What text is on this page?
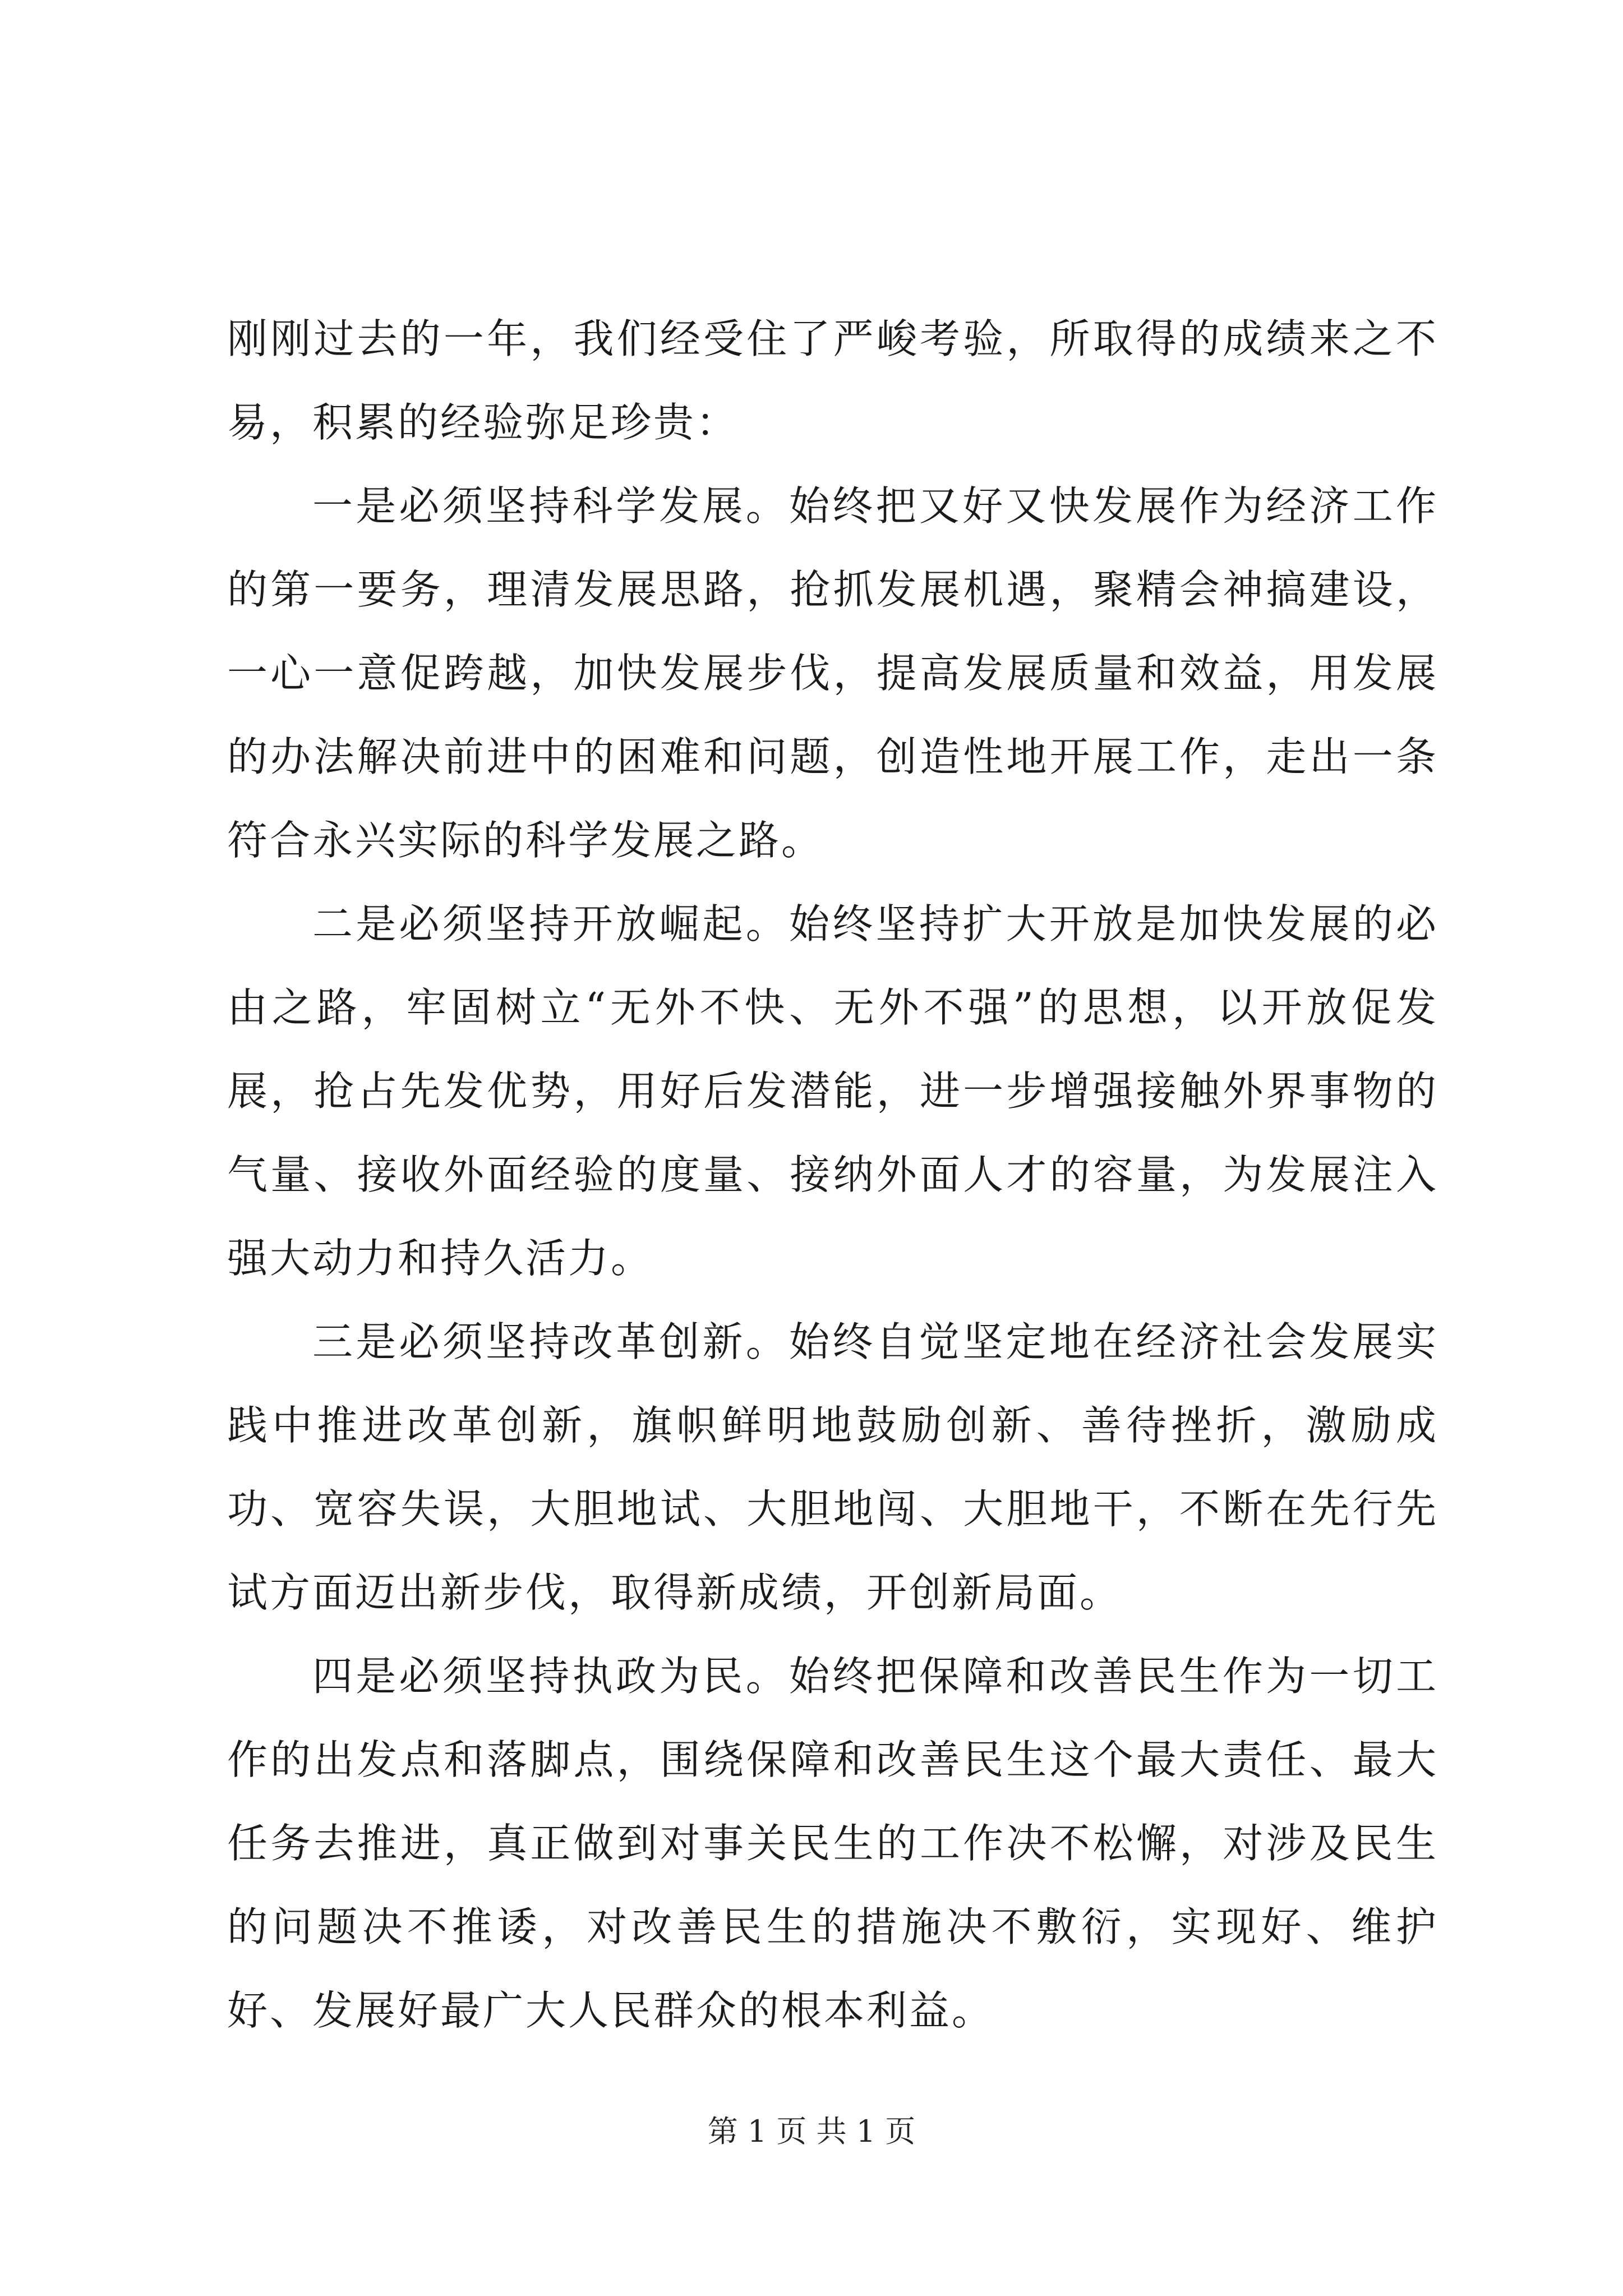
刚刚过去的一年，我们经受住了严峻考验，所取得的成绩来之不易，积累的经验弥足珍贵：

一是必须坚持科学发展。始终把又好又快发展作为经济工作的第一要务，理清发展思路，抢抓发展机遇，聚精会神搞建设，一心一意促跨越，加快发展步伐，提高发展质量和效益，用发展的办法解决前进中的困难和问题，创造性地开展工作，走出一条符合永兴实际的科学发展之路。

二是必须坚持开放崛起。始终坚持扩大开放是加快发展的必由之路，牢固树立“无外不快、无外不强”的思想，以开放促发展，抢占先发优势，用好后发潜能，进一步增强接触外界事物的气量、接收外面经验的度量、接纳外面人才的容量，为发展注入强大动力和持久活力。

三是必须坚持改革创新。始终自觉坚定地在经济社会发展实践中推进改革创新，旗帜鲜明地鼓励创新、善待挫折，激励成功、宽容失误，大胆地试、大胆地闯、大胆地干，不断在先行先试方面迈出新步伐，取得新成绩，开创新局面。

四是必须坚持执政为民。始终把保障和改善民生作为一切工作的出发点和落脚点，围绕保障和改善民生这个最大责任、最大任务去推进，真正做到对事关民生的工作决不松懈，对涉及民生的问题决不推诿，对改善民生的措施决不敷衍，实现好、维护好、发展好最广大人民群众的根本利益。

第 1 页 共 1 页
